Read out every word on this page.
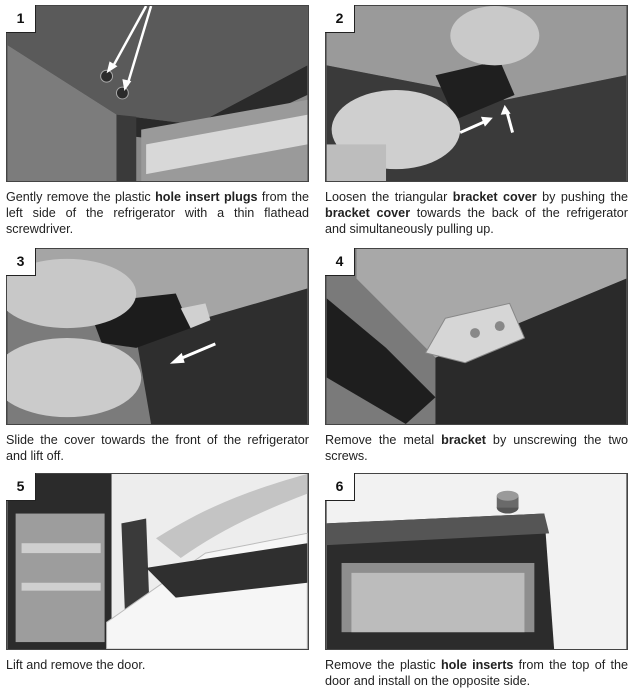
1
Gently remove the plastic hole insert plugs from the left side of the refrigerator with a thin flathead screwdriver.
2
Loosen the triangular bracket cover by pushing the bracket cover towards the back of the refrigerator and simultaneously pulling up.
3
Slide the cover towards the front of the refrigerator and lift off.
4
Remove the metal bracket by unscrewing the two screws.
5
Lift and remove the door.
6
Remove the plastic hole inserts from the top of the door and install on the opposite side.
